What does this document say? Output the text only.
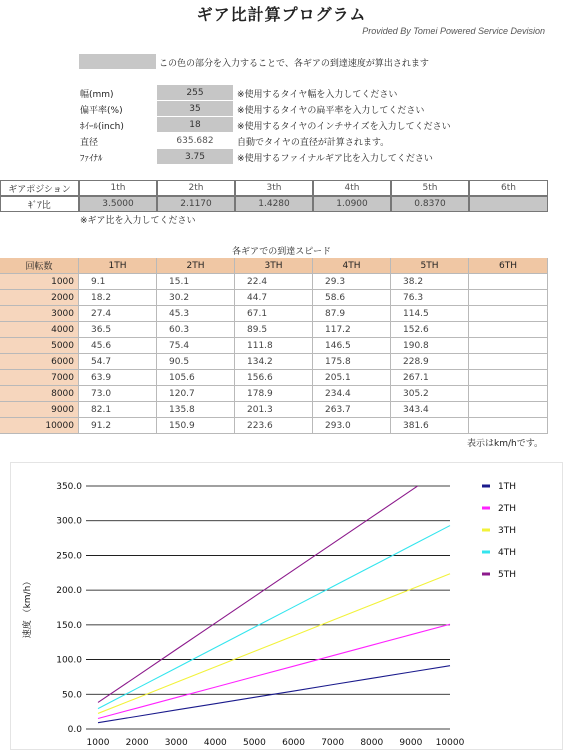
ギア比計算プログラム
Provided By Tomei Powered Service Devision
この色の部分を入力することで、各ギアの到達速度が算出されます
幅(mm)	255	※使用するタイヤ幅を入力してください
偏平率(%)	35	※使用するタイヤの扁平率を入力してください
ﾎｲｰﾙ(inch)	18	※使用するタイヤのインチサイズを入力してください
直径	635.682	自動でタイヤの直径が計算されます。
ﾌｧｲﾅﾙ	3.75	※使用するファイナルギア比を入力してください
ギアポジション	1th	2th	3th	4th	5th	6th
ｷﾞｱ比	3.5000	2.1170	1.4280	1.0900	0.8370
※ギア比を入力してください
各ギアでの到達スピード
回転数	1TH	2TH	3TH	4TH	5TH	6TH
1000	9.1	15.1	22.4	29.3	38.2
2000	18.2	30.2	44.7	58.6	76.3
3000	27.4	45.3	67.1	87.9	114.5
4000	36.5	60.3	89.5	117.2	152.6
5000	45.6	75.4	111.8	146.5	190.8
6000	54.7	90.5	134.2	175.8	228.9
7000	63.9	105.6	156.6	205.1	267.1
8000	73.0	120.7	178.9	234.4	305.2
9000	82.1	135.8	201.3	263.7	343.4
10000	91.2	150.9	223.6	293.0	381.6
表示はkm/hです。
0.0
50.0
100.0
150.0
200.0
250.0
300.0
350.0
1000 2000 3000 4000 5000 6000 7000 8000 9000 10000
速度 （km/h）
1TH
2TH
3TH
4TH
5TH
